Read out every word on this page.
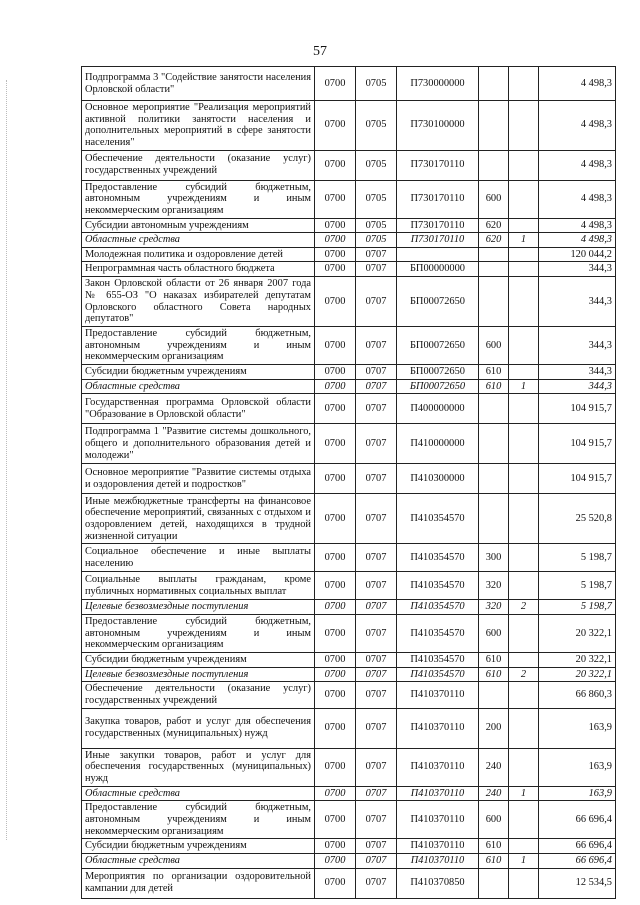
57
Подпрограмма 3 "Содействие занятости населения Орловской области"	0700	0705	П730000000			4 498,3
Основное мероприятие "Реализация мероприятий активной политики занятости населения и дополнительных мероприятий в сфере занятости населения"	0700	0705	П730100000			4 498,3
Обеспечение деятельности (оказание услуг) государственных учреждений	0700	0705	П730170110			4 498,3
Предоставление субсидий бюджетным, автономным учреждениям и иным некоммерческим организациям	0700	0705	П730170110	600		4 498,3
Субсидии автономным учреждениям	0700	0705	П730170110	620		4 498,3
Областные средства	0700	0705	П730170110	620	1	4 498,3
Молодежная политика и оздоровление детей	0700	0707				120 044,2
Непрограммная часть областного бюджета	0700	0707	БП00000000			344,3
Закон Орловской области от 26 января 2007 года № 655-ОЗ "О наказах избирателей депутатам Орловского областного Совета народных депутатов"	0700	0707	БП00072650			344,3
Предоставление субсидий бюджетным, автономным учреждениям и иным некоммерческим организациям	0700	0707	БП00072650	600		344,3
Субсидии бюджетным учреждениям	0700	0707	БП00072650	610		344,3
Областные средства	0700	0707	БП00072650	610	1	344,3
Государственная программа Орловской области "Образование в Орловской области"	0700	0707	П400000000			104 915,7
Подпрограмма 1 "Развитие системы дошкольного, общего и дополнительного образования детей и молодежи"	0700	0707	П410000000			104 915,7
Основное мероприятие "Развитие системы отдыха и оздоровления детей и подростков"	0700	0707	П410300000			104 915,7
Иные межбюджетные трансферты на финансовое обеспечение мероприятий, связанных с отдыхом и оздоровлением детей, находящихся в трудной жизненной ситуации	0700	0707	П410354570			25 520,8
Социальное обеспечение и иные выплаты населению	0700	0707	П410354570	300		5 198,7
Социальные выплаты гражданам, кроме публичных нормативных социальных выплат	0700	0707	П410354570	320		5 198,7
Целевые безвозмездные поступления	0700	0707	П410354570	320	2	5 198,7
Предоставление субсидий бюджетным, автономным учреждениям и иным некоммерческим организациям	0700	0707	П410354570	600		20 322,1
Субсидии бюджетным учреждениям	0700	0707	П410354570	610		20 322,1
Целевые безвозмездные поступления	0700	0707	П410354570	610	2	20 322,1
Обеспечение деятельности (оказание услуг) государственных учреждений	0700	0707	П410370110			66 860,3
Закупка товаров, работ и услуг для обеспечения государственных (муниципальных) нужд	0700	0707	П410370110	200		163,9
Иные закупки товаров, работ и услуг для обеспечения государственных (муниципальных) нужд	0700	0707	П410370110	240		163,9
Областные средства	0700	0707	П410370110	240	1	163,9
Предоставление субсидий бюджетным, автономным учреждениям и иным некоммерческим организациям	0700	0707	П410370110	600		66 696,4
Субсидии бюджетным учреждениям	0700	0707	П410370110	610		66 696,4
Областные средства	0700	0707	П410370110	610	1	66 696,4
Мероприятия по организации оздоровительной кампании для детей	0700	0707	П410370850			12 534,5
